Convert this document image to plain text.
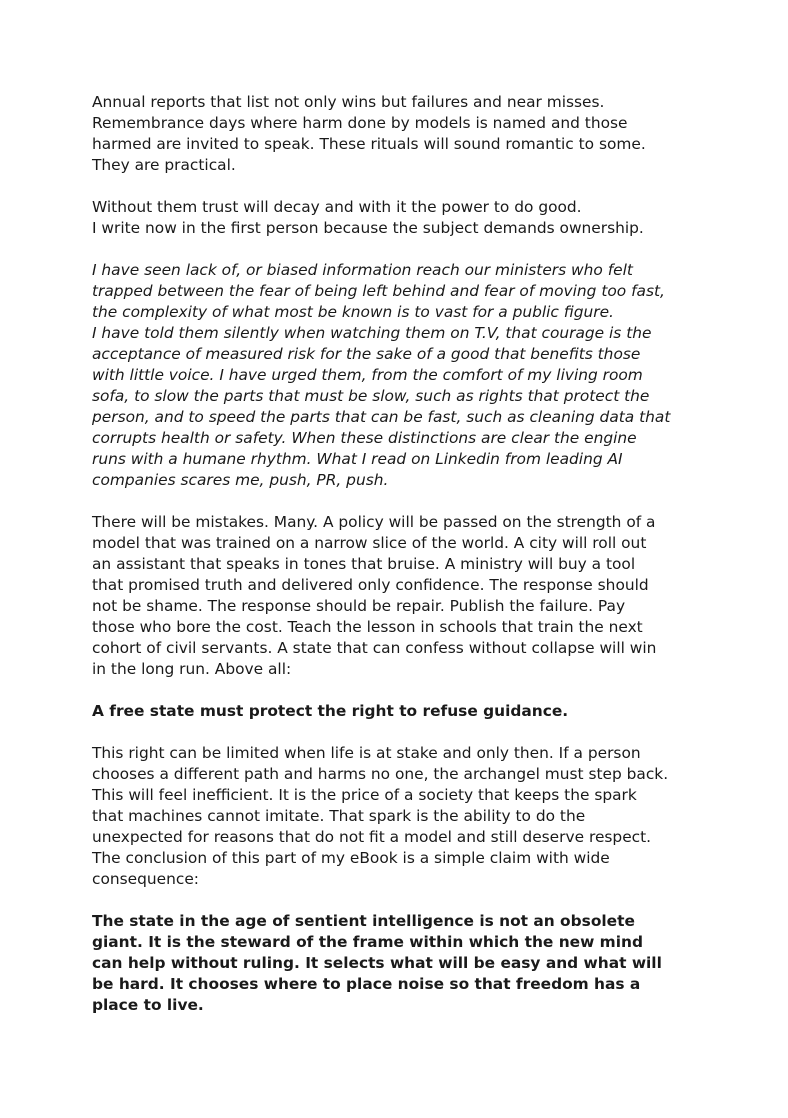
Annual reports that list not only wins but failures and near misses.
Remembrance days where harm done by models is named and those
harmed are invited to speak. These rituals will sound romantic to some.
They are practical.

Without them trust will decay and with it the power to do good.
I write now in the first person because the subject demands ownership.

I have seen lack of, or biased information reach our ministers who felt
trapped between the fear of being left behind and fear of moving too fast,
the complexity of what most be known is to vast for a public figure.
I have told them silently when watching them on T.V, that courage is the
acceptance of measured risk for the sake of a good that benefits those
with little voice. I have urged them, from the comfort of my living room
sofa, to slow the parts that must be slow, such as rights that protect the
person, and to speed the parts that can be fast, such as cleaning data that
corrupts health or safety. When these distinctions are clear the engine
runs with a humane rhythm. What I read on Linkedin from leading AI
companies scares me, push, PR, push.

There will be mistakes. Many. A policy will be passed on the strength of a
model that was trained on a narrow slice of the world. A city will roll out
an assistant that speaks in tones that bruise. A ministry will buy a tool
that promised truth and delivered only confidence. The response should
not be shame. The response should be repair. Publish the failure. Pay
those who bore the cost. Teach the lesson in schools that train the next
cohort of civil servants. A state that can confess without collapse will win
in the long run. Above all:

A free state must protect the right to refuse guidance.

This right can be limited when life is at stake and only then. If a person
chooses a different path and harms no one, the archangel must step back.
This will feel inefficient. It is the price of a society that keeps the spark
that machines cannot imitate. That spark is the ability to do the
unexpected for reasons that do not fit a model and still deserve respect.
The conclusion of this part of my eBook is a simple claim with wide
consequence:

The state in the age of sentient intelligence is not an obsolete
giant. It is the steward of the frame within which the new mind
can help without ruling. It selects what will be easy and what will
be hard. It chooses where to place noise so that freedom has a
place to live.
